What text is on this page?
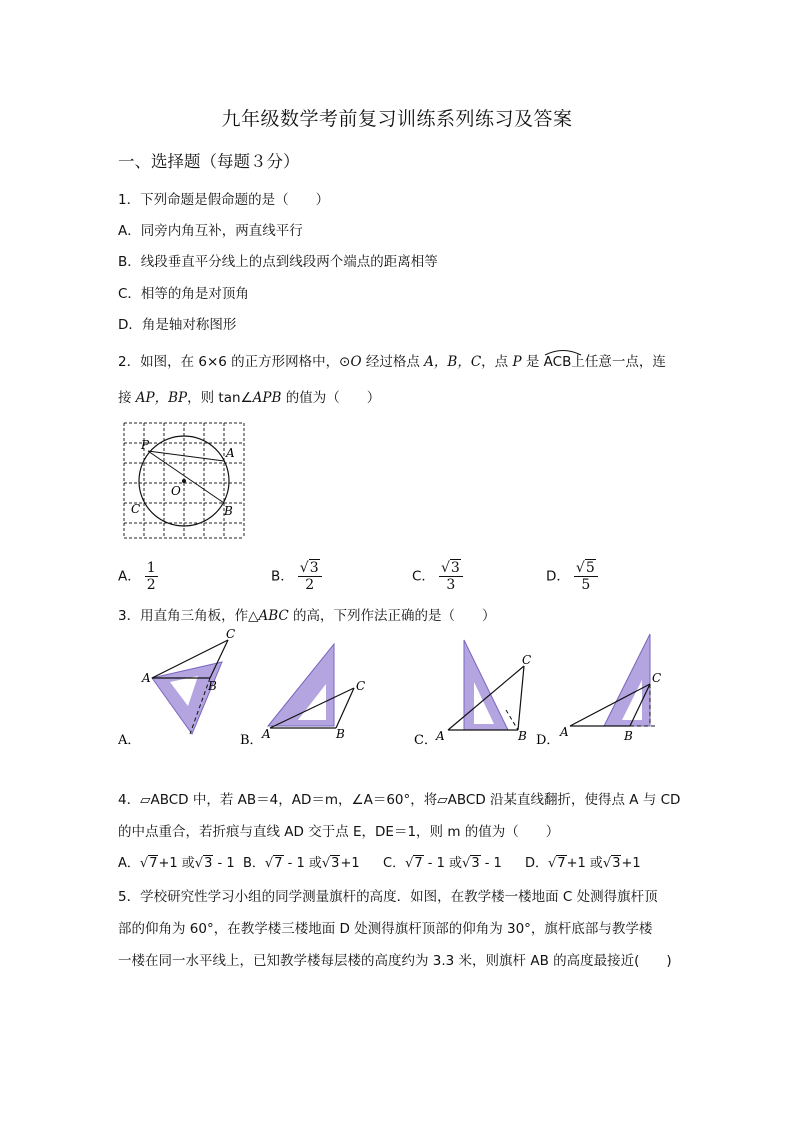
九年级数学考前复习训练系列练习及答案
一、选择题（每题３分）
1．下列命题是假命题的是（　　）
A．同旁内角互补，两直线平行
B．线段垂直平分线上的点到线段两个端点的距离相等
C．相等的角是对顶角
D．角是轴对称图形
2．如图，在 6×6 的正方形网格中，⊙O 经过格点 A，B，C，点 P 是
ACB上任意一点，连
接 AP，BP，则 tan∠APB 的值为（　　）
P
A
O
C	B
A． $\frac{1}{2}$	B． $\frac{√3}{2}$	C． $\frac{√3}{3}$	D． $\frac{√5}{5}$
3．用直角三角板，作△ABC 的高，下列作法正确的是（　　）
A
B
C
A．	A	B
C
B．	A	B
C
C．
A	B
C
D．
4．▱ABCD 中，若 AB＝4，AD＝m，∠A＝60°，将▱ABCD 沿某直线翻折，使得点 A 与 CD
的中点重合，若折痕与直线 AD 交于点 E，DE＝1，则 m 的值为（　　）
A．√7+1 或√3 - 1 B．√7 - 1 或√3+1 C．√7 - 1 或√3 - 1 D．√7+1 或√3+1
5．学校研究性学习小组的同学测量旗杆的高度．如图，在教学楼一楼地面 C 处测得旗杆顶
部的仰角为 60°，在教学楼三楼地面 D 处测得旗杆顶部的仰角为 30°，旗杆底部与教学楼
一楼在同一水平线上，已知教学楼每层楼的高度约为 3.3 米，则旗杆 AB 的高度最接近(　　)
